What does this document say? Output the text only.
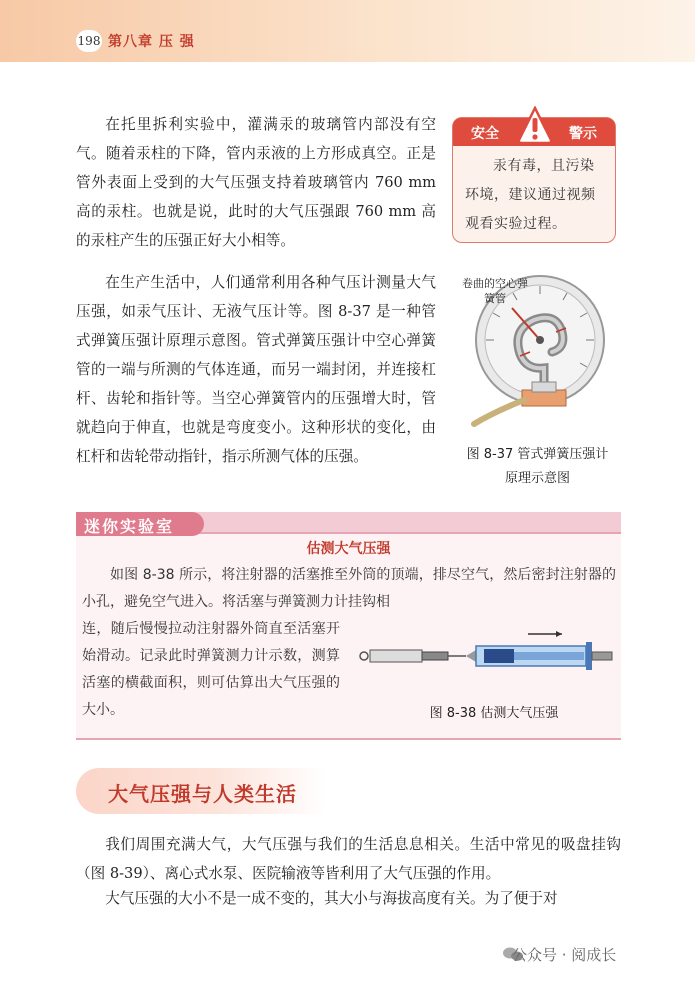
198 第八章 压 强
在托里拆利实验中，灌满汞的玻璃管内部没有空气。随着汞柱的下降，管内汞液的上方形成真空。正是管外表面上受到的大气压强支持着玻璃管内 760 mm 高的汞柱。也就是说，此时的大气压强跟 760 mm 高的汞柱产生的压强正好大小相等。
在生产生活中，人们通常利用各种气压计测量大气压强，如汞气压计、无液气压计等。图 8-37 是一种管式弹簧压强计原理示意图。管式弹簧压强计中空心弹簧管的一端与所测的气体连通，而另一端封闭，并连接杠杆、齿轮和指针等。当空心弹簧管内的压强增大时，管就趋向于伸直，也就是弯度变小。这种形状的变化，由杠杆和齿轮带动指针，指示所测气体的压强。
安全	警示
汞有毒，且污染环境，建议通过视频观看实验过程。
卷曲的空心弹簧管
图 8-37 管式弹簧压强计
原理示意图
迷你实验室
估测大气压强
如图 8-38 所示，将注射器的活塞推至外筒的顶端，排尽空气，然后密封注射器的小孔，避免空气进入。将活塞与弹簧测力计挂钩相
连，随后慢慢拉动注射器外筒直至活塞开始滑动。记录此时弹簧测力计示数，测算活塞的横截面积，则可估算出大气压强的大小。	图 8-38 估测大气压强
大气压强与人类生活
我们周围充满大气，大气压强与我们的生活息息相关。生活中常见的吸盘挂钩（图 8-39）、离心式水泵、医院输液等皆利用了大气压强的作用。
大气压强的大小不是一成不变的，其大小与海拔高度有关。为了便于对
公众号 · 阅成长
